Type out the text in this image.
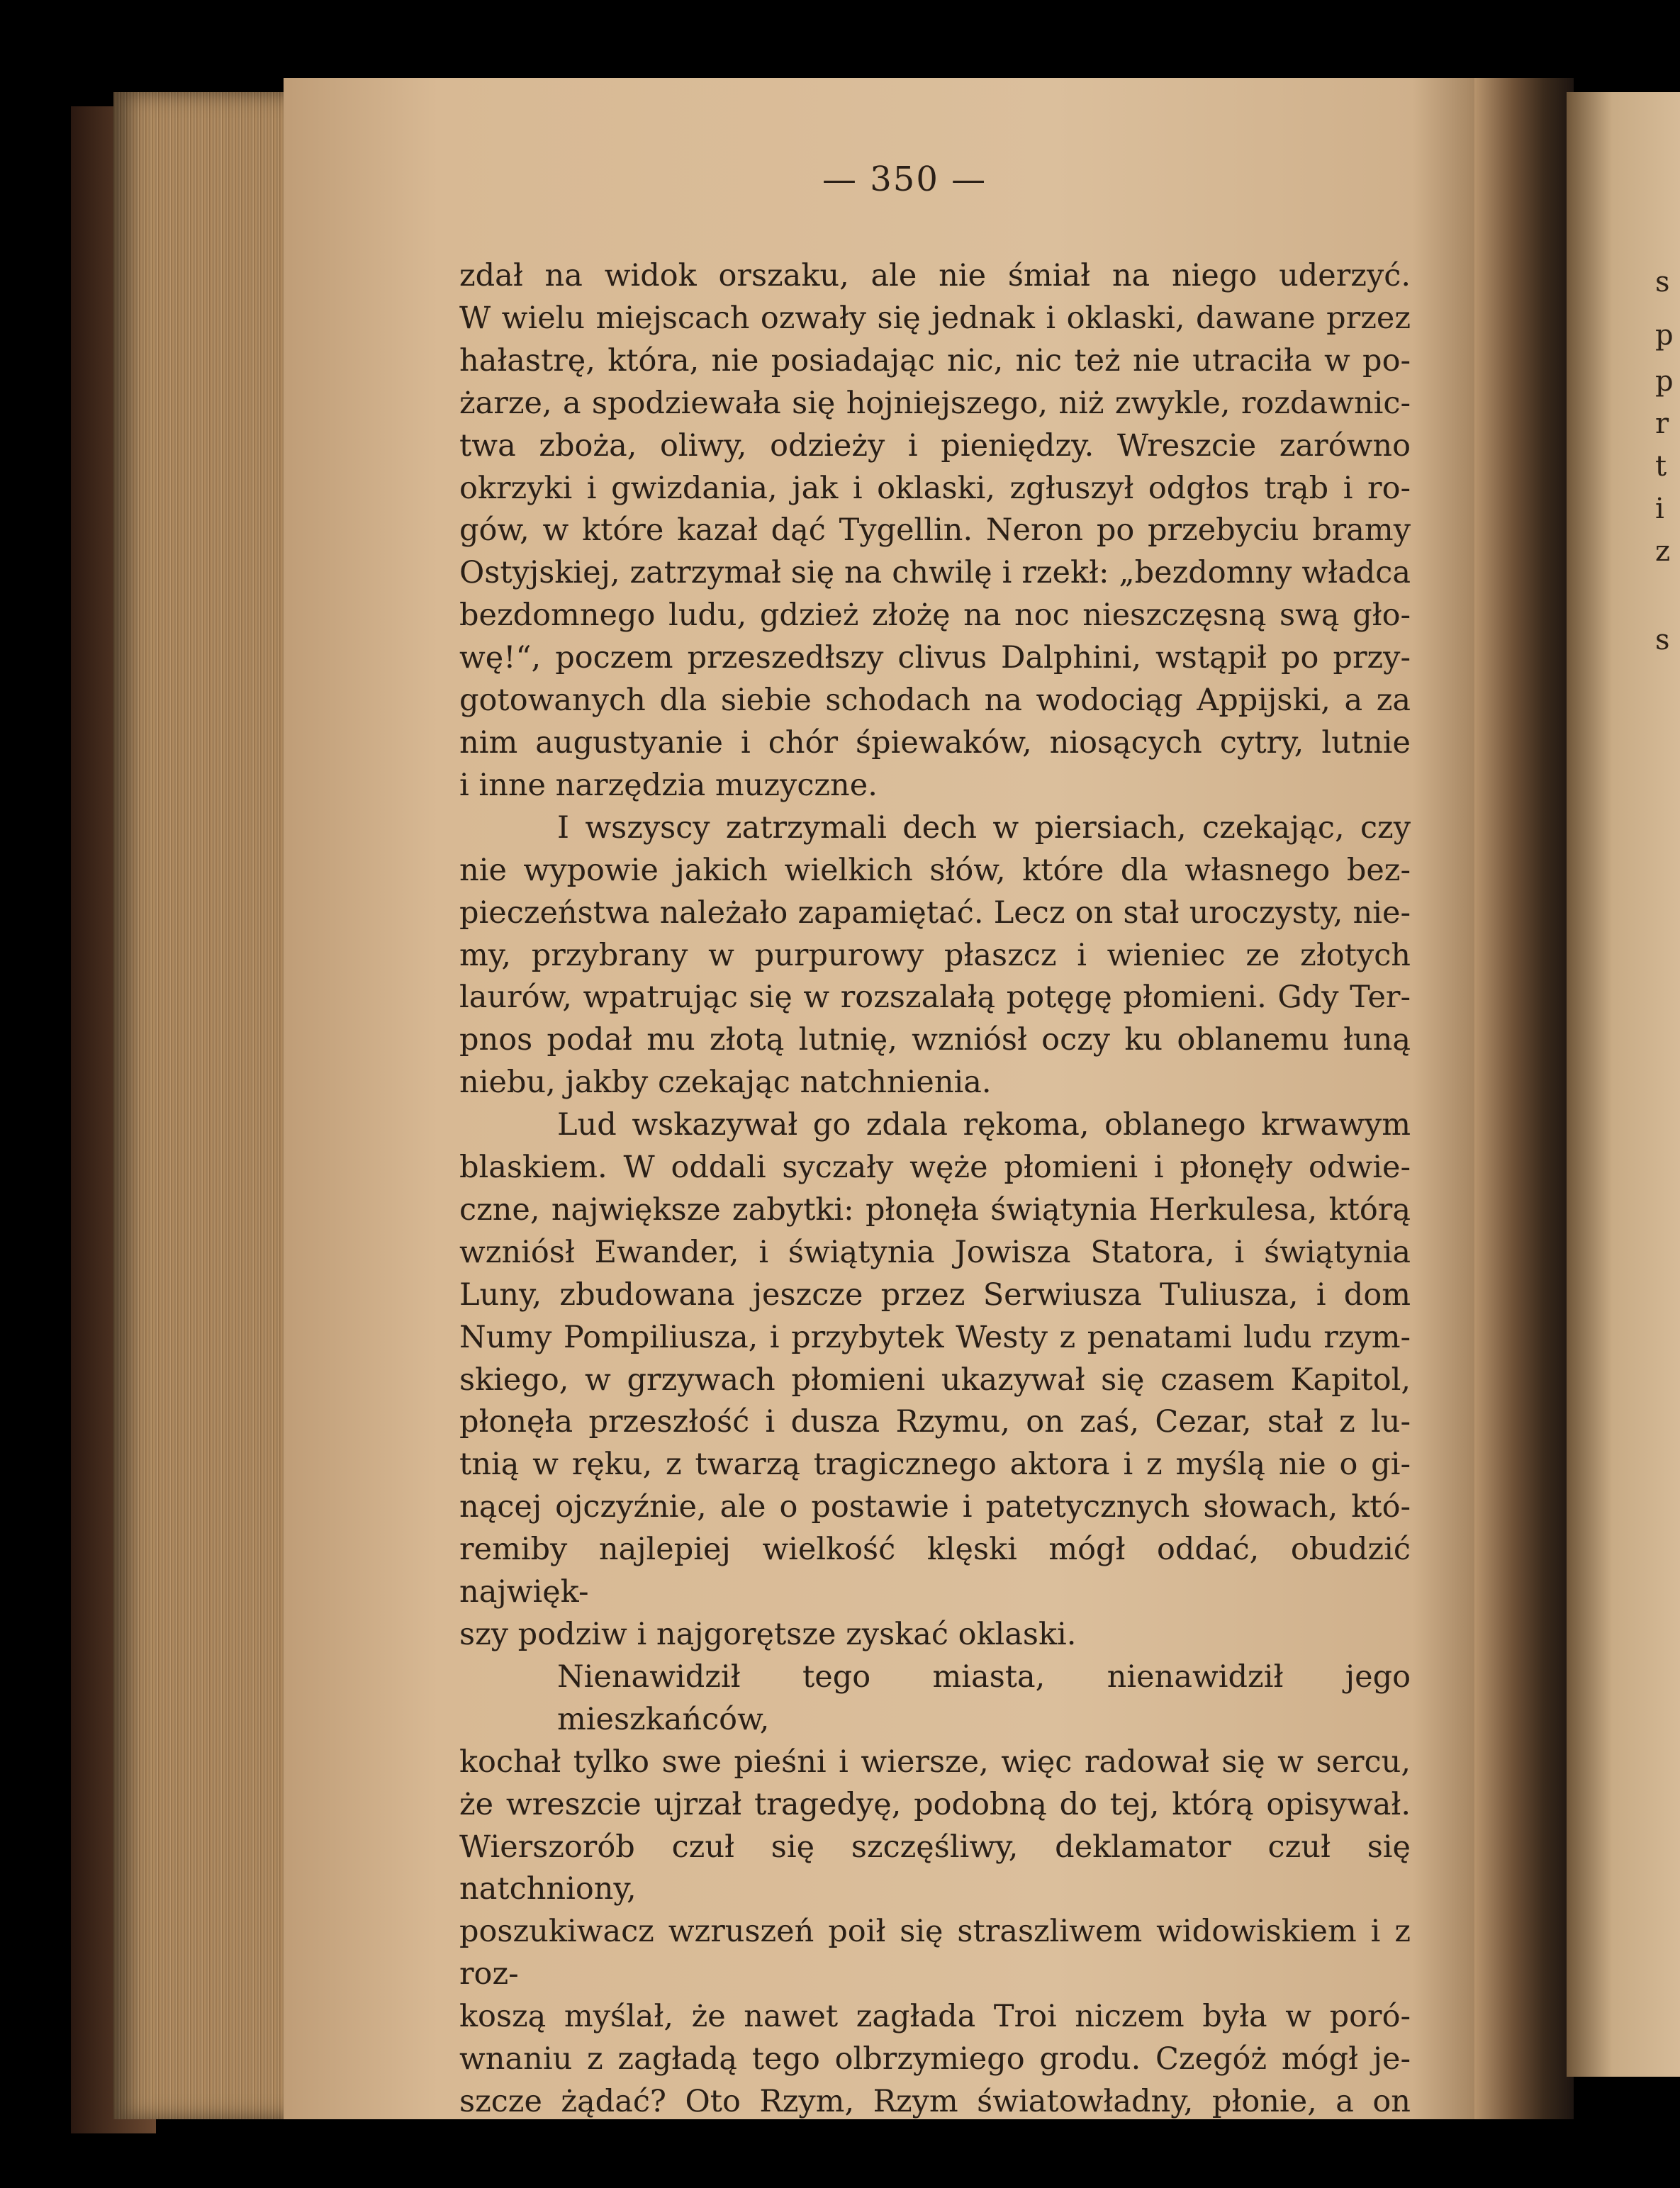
s
p
p
r
t
i
z
s
— 350 —

zdał na widok orszaku, ale nie śmiał na niego uderzyć.

W wielu miejscach ozwały się jednak i oklaski, dawane przez

hałastrę, która, nie posiadając nic, nic też nie utraciła w po-

żarze, a spodziewała się hojniejszego, niż zwykle, rozdawnic-

twa zboża, oliwy, odzieży i pieniędzy. Wreszcie zarówno

okrzyki i gwizdania, jak i oklaski, zgłuszył odgłos trąb i ro-

gów, w które kazał dąć Tygellin. Neron po przebyciu bramy

Ostyjskiej, zatrzymał się na chwilę i rzekł: „bezdomny władca

bezdomnego ludu, gdzież złożę na noc nieszczęsną swą gło-

wę!“, poczem przeszedłszy clivus Dalphini, wstąpił po przy-

gotowanych dla siebie schodach na wodociąg Appijski, a za

nim augustyanie i chór śpiewaków, niosących cytry, lutnie

i inne narzędzia muzyczne.

I wszyscy zatrzymali dech w piersiach, czekając, czy

nie wypowie jakich wielkich słów, które dla własnego bez-

pieczeństwa należało zapamiętać. Lecz on stał uroczysty, nie-

my, przybrany w purpurowy płaszcz i wieniec ze złotych

laurów, wpatrując się w rozszalałą potęgę płomieni. Gdy Ter-

pnos podał mu złotą lutnię, wzniósł oczy ku oblanemu łuną

niebu, jakby czekając natchnienia.

Lud wskazywał go zdala rękoma, oblanego krwawym

blaskiem. W oddali syczały węże płomieni i płonęły odwie-

czne, największe zabytki: płonęła świątynia Herkulesa, którą

wzniósł Ewander, i świątynia Jowisza Statora, i świątynia

Luny, zbudowana jeszcze przez Serwiusza Tuliusza, i dom

Numy Pompiliusza, i przybytek Westy z penatami ludu rzym-

skiego, w grzywach płomieni ukazywał się czasem Kapitol,

płonęła przeszłość i dusza Rzymu, on zaś, Cezar, stał z lu-

tnią w ręku, z twarzą tragicznego aktora i z myślą nie o gi-

nącej ojczyźnie, ale o postawie i patetycznych słowach, któ-

remiby najlepiej wielkość klęski mógł oddać, obudzić najwięk-

szy podziw i najgorętsze zyskać oklaski.

Nienawidził tego miasta, nienawidził jego mieszkańców,

kochał tylko swe pieśni i wiersze, więc radował się w sercu,

że wreszcie ujrzał tragedyę, podobną do tej, którą opisywał.

Wierszorób czuł się szczęśliwy, deklamator czuł się natchniony,

poszukiwacz wzruszeń poił się straszliwem widowiskiem i z roz-

koszą myślał, że nawet zagłada Troi niczem była w poró-

wnaniu z zagładą tego olbrzymiego grodu. Czegóż mógł je-

szcze żądać? Oto Rzym, Rzym światowładny, płonie, a on
